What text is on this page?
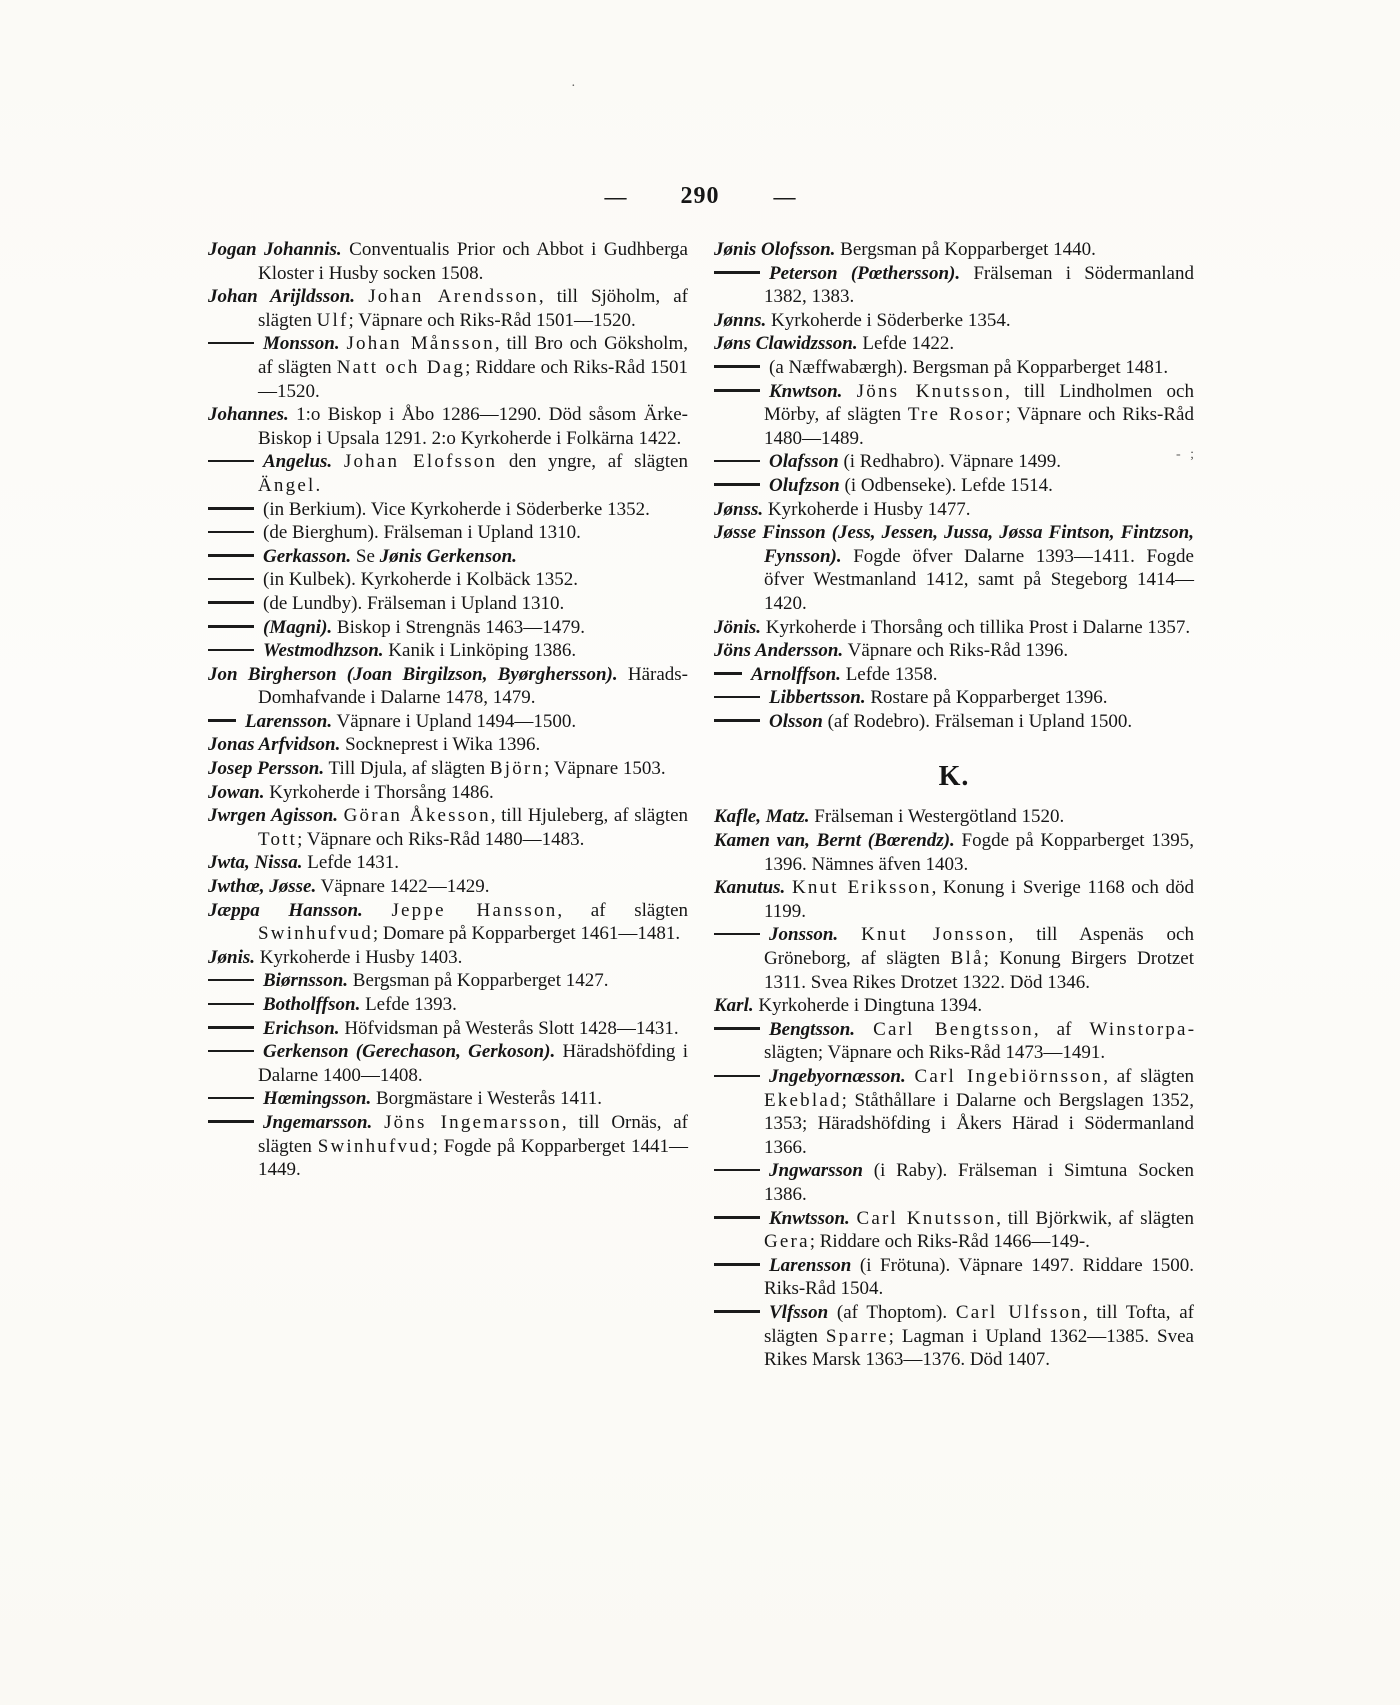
— 290 —
·
- ;

Jogan Johannis. Conventualis Prior och Abbot i Gudhberga Kloster i Husby socken 1508.

Johan Arijldsson. Johan Arendsson, till Sjöholm, af slägten Ulf; Väpnare och Riks-Råd 1501—1520.

Monsson. Johan Månsson, till Bro och Göksholm, af slägten Natt och Dag; Riddare och Riks-Råd 1501—1520.

Johannes. 1:o Biskop i Åbo 1286—1290. Död såsom Ärke-Biskop i Upsala 1291. 2:o Kyrkoherde i Folkärna 1422.

Angelus. Johan Elofsson den yngre, af slägten Ängel.

(in Berkium). Vice Kyrkoherde i Söderberke 1352.

(de Bierghum). Frälseman i Upland 1310.

Gerkasson. Se Jønis Gerkenson.

(in Kulbek). Kyrkoherde i Kolbäck 1352.

(de Lundby). Frälseman i Upland 1310.

(Magni). Biskop i Strengnäs 1463—1479.

Westmodhzson. Kanik i Linköping 1386.

Jon Birgherson (Joan Birgilzson, Byørghersson). Härads-Domhafvande i Dalarne 1478, 1479.

Larensson. Väpnare i Upland 1494—1500.

Jonas Arfvidson. Sockneprest i Wika 1396.

Josep Persson. Till Djula, af slägten Björn; Väpnare 1503.

Jowan. Kyrkoherde i Thorsång 1486.

Jwrgen Agisson. Göran Åkesson, till Hjuleberg, af slägten Tott; Väpnare och Riks-Råd 1480—1483.

Jwta, Nissa. Lefde 1431.

Jwthœ, Jøsse. Väpnare 1422—1429.

Jæppa Hansson. Jeppe Hansson, af slägten Swinhufvud; Domare på Kopparberget 1461—1481.

Jønis. Kyrkoherde i Husby 1403.

Biørnsson. Bergsman på Kopparberget 1427.

Botholffson. Lefde 1393.

Erichson. Höfvidsman på Westerås Slott 1428—1431.

Gerkenson (Gerechason, Gerkoson). Häradshöfding i Dalarne 1400—1408.

Hœmingsson. Borgmästare i Westerås 1411.

Jngemarsson. Jöns Ingemarsson, till Ornäs, af slägten Swinhufvud; Fogde på Kopparberget 1441—1449.

Jønis Olofsson. Bergsman på Kopparberget 1440.

Peterson (Pœthersson). Frälseman i Södermanland 1382, 1383.

Jønns. Kyrkoherde i Söderberke 1354.

Jøns Clawidzsson. Lefde 1422.

(a Næffwabærgh). Bergsman på Kopparberget 1481.

Knwtson. Jöns Knutsson, till Lindholmen och Mörby, af slägten Tre Rosor; Väpnare och Riks-Råd 1480—1489.

Olafsson (i Redhabro). Väpnare 1499.

Olufzson (i Odbenseke). Lefde 1514.

Jønss. Kyrkoherde i Husby 1477.

Jøsse Finsson (Jess, Jessen, Jussa, Jøssa Fintson, Fintzson, Fynsson). Fogde öfver Dalarne 1393—1411. Fogde öfver Westmanland 1412, samt på Stegeborg 1414—1420.

Jönis. Kyrkoherde i Thorsång och tillika Prost i Dalarne 1357.

Jöns Andersson. Väpnare och Riks-Råd 1396.

Arnolffson. Lefde 1358.

Libbertsson. Rostare på Kopparberget 1396.

Olsson (af Rodebro). Frälseman i Upland 1500.

K.

Kafle, Matz. Frälseman i Westergötland 1520.

Kamen van, Bernt (Bœrendz). Fogde på Kopparberget 1395, 1396. Nämnes äfven 1403.

Kanutus. Knut Eriksson, Konung i Sverige 1168 och död 1199.

Jonsson. Knut Jonsson, till Aspenäs och Gröneborg, af slägten Blå; Konung Birgers Drotzet 1311. Svea Rikes Drotzet 1322. Död 1346.

Karl. Kyrkoherde i Dingtuna 1394.

Bengtsson. Carl Bengtsson, af Winstorpa-slägten; Väpnare och Riks-Råd 1473—1491.

Jngebyornæsson. Carl Ingebiörnsson, af slägten Ekeblad; Ståthållare i Dalarne och Bergslagen 1352, 1353; Häradshöfding i Åkers Härad i Södermanland 1366.

Jngwarsson (i Raby). Frälseman i Simtuna Socken 1386.

Knwtsson. Carl Knutsson, till Björkwik, af slägten Gera; Riddare och Riks-Råd 1466—149-.

Larensson (i Frötuna). Väpnare 1497. Riddare 1500. Riks-Råd 1504.

Vlfsson (af Thoptom). Carl Ulfsson, till Tofta, af slägten Sparre; Lagman i Upland 1362—1385. Svea Rikes Marsk 1363—1376. Död 1407.
